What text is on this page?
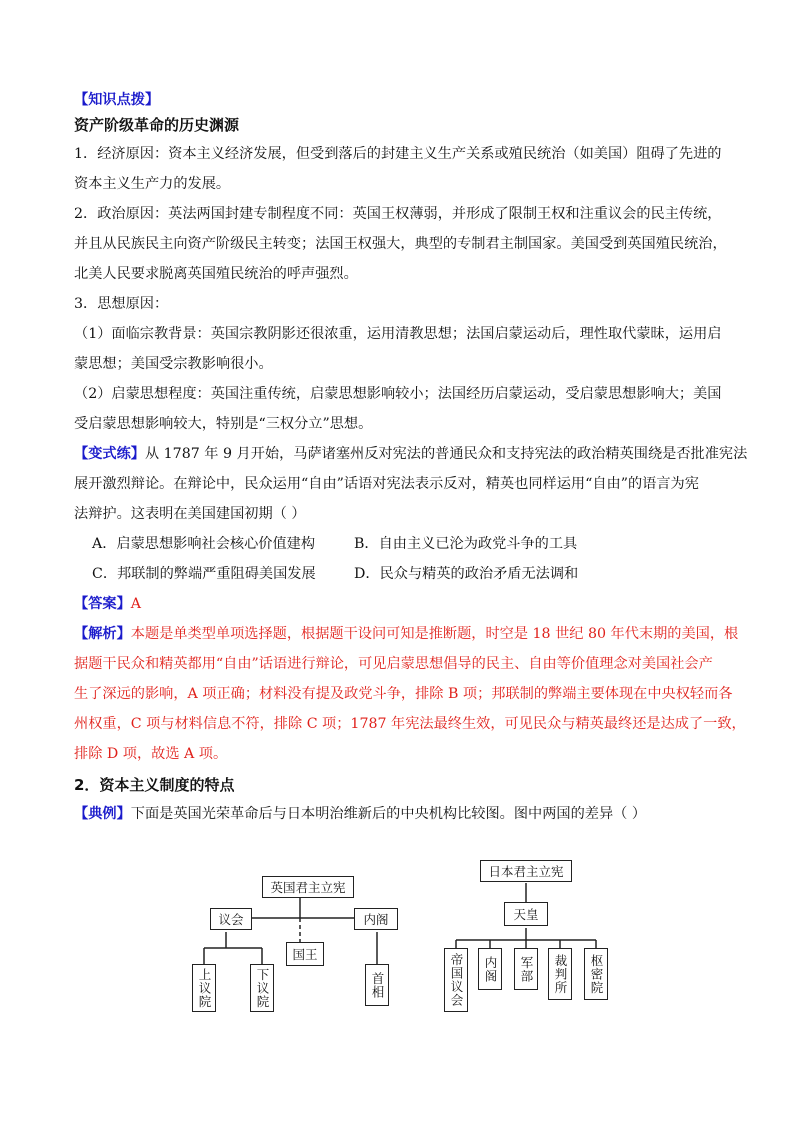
【知识点拨】
资产阶级革命的历史渊源
1．经济原因：资本主义经济发展，但受到落后的封建主义生产关系或殖民统治（如美国）阻碍了先进的
资本主义生产力的发展。
2．政治原因：英法两国封建专制程度不同：英国王权薄弱，并形成了限制王权和注重议会的民主传统，
并且从民族民主向资产阶级民主转变；法国王权强大，典型的专制君主制国家。美国受到英国殖民统治，
北美人民要求脱离英国殖民统治的呼声强烈。
3．思想原因：
（1）面临宗教背景：英国宗教阴影还很浓重，运用清教思想；法国启蒙运动后，理性取代蒙昧，运用启
蒙思想；美国受宗教影响很小。
（2）启蒙思想程度：英国注重传统，启蒙思想影响较小；法国经历启蒙运动，受启蒙思想影响大；美国
受启蒙思想影响较大，特别是“三权分立”思想。
【变式练】从 1787 年 9 月开始，马萨诸塞州反对宪法的普通民众和支持宪法的政治精英围绕是否批准宪法
展开激烈辩论。在辩论中，民众运用“自由”话语对宪法表示反对，精英也同样运用“自由”的语言为宪
法辩护。这表明在美国建国初期（ ）
A．启蒙思想影响社会核心价值建构	B．自由主义已沦为政党斗争的工具
C．邦联制的弊端严重阻碍美国发展	D．民众与精英的政治矛盾无法调和
【答案】A
【解析】本题是单类型单项选择题，根据题干设问可知是推断题，时空是 18 世纪 80 年代末期的美国，根
据题干民众和精英都用“自由”话语进行辩论，可见启蒙思想倡导的民主、自由等价值理念对美国社会产
生了深远的影响，A 项正确；材料没有提及政党斗争，排除 B 项；邦联制的弊端主要体现在中央权轻而各
州权重，C 项与材料信息不符，排除 C 项；1787 年宪法最终生效，可见民众与精英最终还是达成了一致，
排除 D 项，故选 A 项。
2．资本主义制度的特点
【典例】下面是英国光荣革命后与日本明治维新后的中央机构比较图。图中两国的差异（ ）
英国君主立宪
议会	内阁
国王
上议院	下议院	首相
日本君主立宪
天皇
帝国议会	内阁	军部	裁判所	枢密院
